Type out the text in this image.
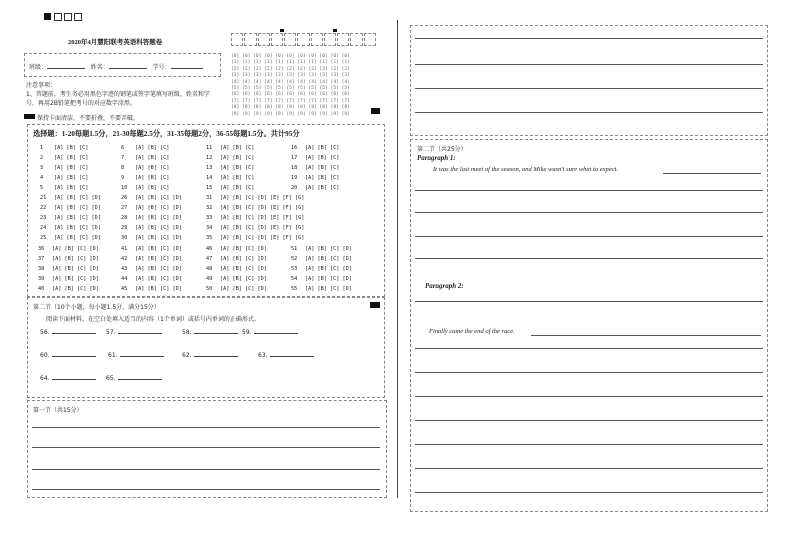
2020年4月慧阳联考英语科答题卷
班级：	姓名：	学号：
注意事项：
1、答题前，考生务必用黑色字迹的钢笔或签字笔填写班级、姓名和学
号，再用2B铅笔把考号的对应数字涂黑。
保持卡面清洁，不要折叠，不要弄破。
[0] [0] [0] [0] [0] [0] [0] [0] [0] [0] [0]
[1] [1] [1] [1] [1] [1] [1] [1] [1] [1] [1]
[2] [2] [2] [2] [2] [2] [2] [2] [2] [2] [2]
[3] [3] [3] [3] [3] [3] [3] [3] [3] [3] [3]
[4] [4] [4] [4] [4] [4] [4] [4] [4] [4] [4]
[5] [5] [5] [5] [5] [5] [5] [5] [5] [5] [5]
[6] [6] [6] [6] [6] [6] [6] [6] [6] [6] [6]
[7] [7] [7] [7] [7] [7] [7] [7] [7] [7] [7]
[8] [8] [8] [8] [8] [8] [8] [8] [8] [8] [8]
[9] [9] [9] [9] [9] [9] [9] [9] [9] [9] [9]
选择题：1-20每题1.5分，21-30每题2.5分，31-35每题2分，36-55每题1.5分。共计95分
1 [A] [B] [C]
2 [A] [B] [C]
3 [A] [B] [C]
4 [A] [B] [C]
5 [A] [B] [C]
6 [A] [B] [C]
7 [A] [B] [C]
8 [A] [B] [C]
9 [A] [B] [C]
10 [A] [B] [C]
11 [A] [B] [C]
12 [A] [B] [C]
13 [A] [B] [C]
14 [A] [B] [C]
15 [A] [B] [C]
16 [A] [B] [C]
17 [A] [B] [C]
18 [A] [B] [C]
19 [A] [B] [C]
20 [A] [B] [C]
21 [A] [B] [C] [D]
22 [A] [B] [C] [D]
23 [A] [B] [C] [D]
24 [A] [B] [C] [D]
25 [A] [B] [C] [D]
26 [A] [B] [C] [D]
27 [A] [B] [C] [D]
28 [A] [B] [C] [D]
29 [A] [B] [C] [D]
30 [A] [B] [C] [D]
31 [A] [B] [C] [D] [E] [F] [G]
32 [A] [B] [C] [D] [E] [F] [G]
33 [A] [B] [C] [D] [E] [F] [G]
34 [A] [B] [C] [D] [E] [F] [G]
35 [A] [B] [C] [D] [E] [F] [G]
36 [A] [B] [C] [D]
37 [A] [B] [C] [D]
38 [A] [B] [C] [D]
39 [A] [B] [C] [D]
40 [A] [B] [C] [D]
41 [A] [B] [C] [D]
42 [A] [B] [C] [D]
43 [A] [B] [C] [D]
44 [A] [B] [C] [D]
45 [A] [B] [C] [D]
46 [A] [B] [C] [D]
47 [A] [B] [C] [D]
48 [A] [B] [C] [D]
49 [A] [B] [C] [D]
50 [A] [B] [C] [D]
51 [A] [B] [C] [D]
52 [A] [B] [C] [D]
53 [A] [B] [C] [D]
54 [A] [B] [C] [D]
55 [A] [B] [C] [D]
第二节（10个小题，每小题1.5分，满分15分）
阅读下面材料，在空白处填入适当的内容（1个单词）或括号内单词的正确形式。
56.	57.	58.	59.
60.	61.	62.	63.
64.	65.
第一节（共15分）
第二节（共25分）
Paragraph 1:
It was the last meet of the season, and Mike wasn't sure what to expect.
Paragraph 2:
Finally came the end of the race.
